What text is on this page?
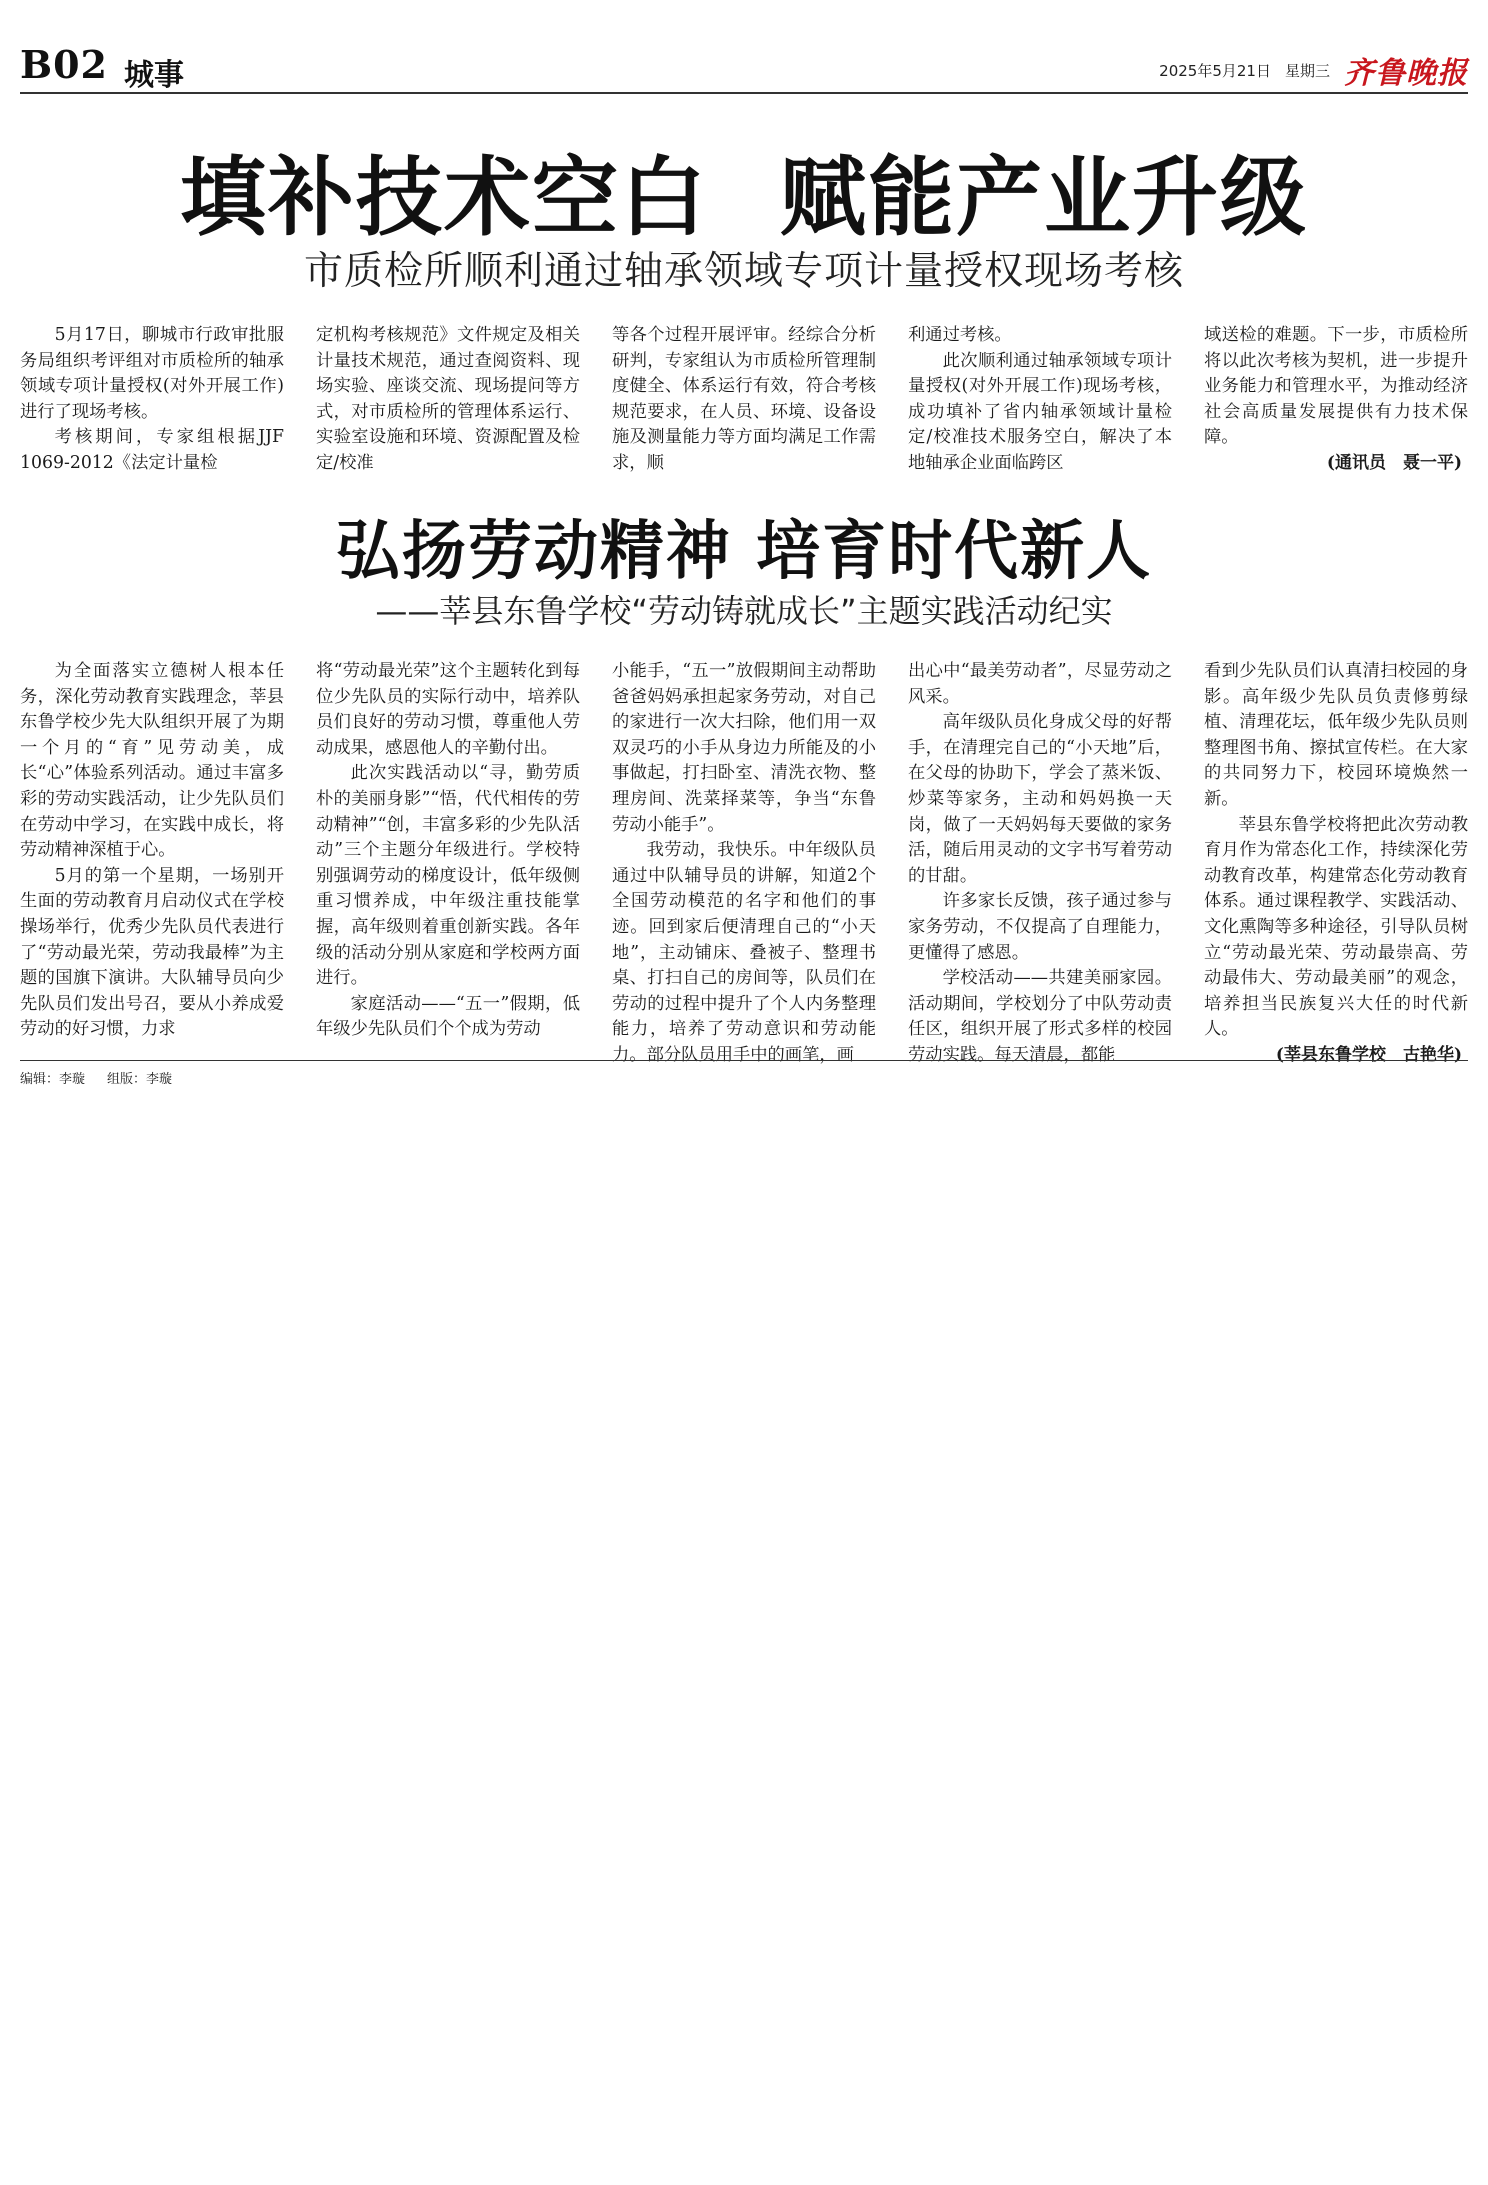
B02 城事	2025年5月21日 星期三 齐鲁晚报
填补技术空白 赋能产业升级
市质检所顺利通过轴承领域专项计量授权现场考核

5月17日，聊城市行政审批服务局组织考评组对市质检所的轴承领域专项计量授权(对外开展工作)进行了现场考核。

考核期间，专家组根据JJF 1069-2012《法定计量检

定机构考核规范》文件规定及相关计量技术规范，通过查阅资料、现场实验、座谈交流、现场提问等方式，对市质检所的管理体系运行、实验室设施和环境、资源配置及检定/校准

等各个过程开展评审。经综合分析研判，专家组认为市质检所管理制度健全、体系运行有效，符合考核规范要求，在人员、环境、设备设施及测量能力等方面均满足工作需求，顺

利通过考核。

此次顺利通过轴承领域专项计量授权(对外开展工作)现场考核，成功填补了省内轴承领域计量检定/校准技术服务空白，解决了本地轴承企业面临跨区

域送检的难题。下一步，市质检所将以此次考核为契机，进一步提升业务能力和管理水平，为推动经济社会高质量发展提供有力技术保障。

(通讯员　聂一平)
弘扬劳动精神 培育时代新人
——莘县东鲁学校“劳动铸就成长”主题实践活动纪实

为全面落实立德树人根本任务，深化劳动教育实践理念，莘县东鲁学校少先大队组织开展了为期一个月的“育”见劳动美，成长“心”体验系列活动。通过丰富多彩的劳动实践活动，让少先队员们在劳动中学习，在实践中成长，将劳动精神深植于心。

5月的第一个星期，一场别开生面的劳动教育月启动仪式在学校操场举行，优秀少先队员代表进行了“劳动最光荣，劳动我最棒”为主题的国旗下演讲。大队辅导员向少先队员们发出号召，要从小养成爱劳动的好习惯，力求

将“劳动最光荣”这个主题转化到每位少先队员的实际行动中，培养队员们良好的劳动习惯，尊重他人劳动成果，感恩他人的辛勤付出。

此次实践活动以“寻，勤劳质朴的美丽身影”“悟，代代相传的劳动精神”“创，丰富多彩的少先队活动”三个主题分年级进行。学校特别强调劳动的梯度设计，低年级侧重习惯养成，中年级注重技能掌握，高年级则着重创新实践。各年级的活动分别从家庭和学校两方面进行。

家庭活动——“五一”假期，低年级少先队员们个个成为劳动

小能手，“五一”放假期间主动帮助爸爸妈妈承担起家务劳动，对自己的家进行一次大扫除，他们用一双双灵巧的小手从身边力所能及的小事做起，打扫卧室、清洗衣物、整理房间、洗菜择菜等，争当“东鲁劳动小能手”。

我劳动，我快乐。中年级队员通过中队辅导员的讲解，知道2个全国劳动模范的名字和他们的事迹。回到家后便清理自己的“小天地”，主动铺床、叠被子、整理书桌、打扫自己的房间等，队员们在劳动的过程中提升了个人内务整理能力，培养了劳动意识和劳动能力。部分队员用手中的画笔，画

出心中“最美劳动者”，尽显劳动之风采。

高年级队员化身成父母的好帮手，在清理完自己的“小天地”后，在父母的协助下，学会了蒸米饭、炒菜等家务，主动和妈妈换一天岗，做了一天妈妈每天要做的家务活，随后用灵动的文字书写着劳动的甘甜。

许多家长反馈，孩子通过参与家务劳动，不仅提高了自理能力，更懂得了感恩。

学校活动——共建美丽家园。活动期间，学校划分了中队劳动责任区，组织开展了形式多样的校园劳动实践。每天清晨，都能

看到少先队员们认真清扫校园的身影。高年级少先队员负责修剪绿植、清理花坛，低年级少先队员则整理图书角、擦拭宣传栏。在大家的共同努力下，校园环境焕然一新。

莘县东鲁学校将把此次劳动教育月作为常态化工作，持续深化劳动教育改革，构建常态化劳动教育体系。通过课程教学、实践活动、文化熏陶等多种途径，引导队员树立“劳动最光荣、劳动最崇高、劳动最伟大、劳动最美丽”的观念，培养担当民族复兴大任的时代新人。

(莘县东鲁学校　古艳华)
编辑：李璇 组版：李璇
